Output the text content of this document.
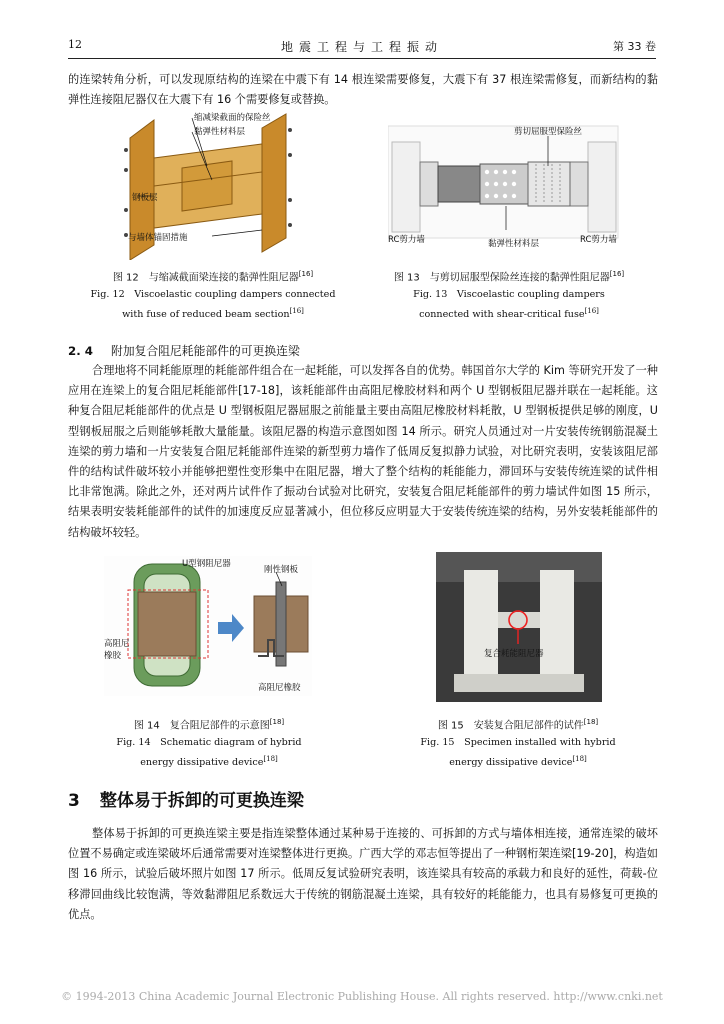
12	地震工程与工程振动	第 33 卷
的连梁转角分析，可以发现原结构的连梁在中震下有 14 根连梁需要修复，大震下有 37 根连梁需修复，而新结构的黏弹性连接阻尼器仅在大震下有 16 个需要修复或替换。
缩减梁截面的保险丝
黏弹性材料层
钢板层
与墙体锚固措施
图 12　与缩减截面梁连接的黏弹性阻尼器[16]
Fig. 12　Viscoelastic coupling dampers connected
with fuse of reduced beam section[16]
剪切屈服型保险丝
RC剪力墙	黏弹性材料层	RC剪力墙
图 13　与剪切屈服型保险丝连接的黏弹性阻尼器[16]
Fig. 13　Viscoelastic coupling dampers
connected with shear-critical fuse[16]
2. 4 附加复合阻尼耗能部件的可更换连梁
合理地将不同耗能原理的耗能部件组合在一起耗能，可以发挥各自的优势。韩国首尔大学的 Kim 等研究开发了一种应用在连梁上的复合阻尼耗能部件[17-18]，该耗能部件由高阻尼橡胶材料和两个 U 型钢板阻尼器并联在一起耗能。这种复合阻尼耗能部件的优点是 U 型钢板阻尼器屈服之前能量主要由高阻尼橡胶材料耗散，U 型钢板提供足够的刚度，U 型钢板屈服之后则能够耗散大量能量。该阻尼器的构造示意图如图 14 所示。研究人员通过对一片安装传统钢筋混凝土连梁的剪力墙和一片安装复合阻尼耗能部件连梁的新型剪力墙作了低周反复拟静力试验，对比研究表明，安装该阻尼部件的结构试件破坏较小并能够把塑性变形集中在阻尼器，增大了整个结构的耗能能力，滞回环与安装传统连梁的试件相比非常饱满。除此之外，还对两片试件作了振动台试验对比研究，安装复合阻尼耗能部件的剪力墙试件如图 15 所示，结果表明安装耗能部件的试件的加速度反应显著减小，但位移反应明显大于安装传统连梁的结构，另外安装耗能部件的结构破坏较轻。
U型钢阻尼器
刚性钢板
高阻尼
橡胶
高阻尼橡胶
图 14　复合阻尼部件的示意图[18]
Fig. 14　Schematic diagram of hybrid
energy dissipative device[18]
复合耗能阻尼器
图 15　安装复合阻尼部件的试件[18]
Fig. 15　Specimen installed with hybrid
energy dissipative device[18]
3 整体易于拆卸的可更换连梁
整体易于拆卸的可更换连梁主要是指连梁整体通过某种易于连接的、可拆卸的方式与墙体相连接，通常连梁的破坏位置不易确定或连梁破坏后通常需要对连梁整体进行更换。广西大学的邓志恒等提出了一种钢桁架连梁[19-20]，构造如图 16 所示，试验后破坏照片如图 17 所示。低周反复试验研究表明，该连梁具有较高的承载力和良好的延性，荷载-位移滞回曲线比较饱满，等效黏滞阻尼系数远大于传统的钢筋混凝土连梁，具有较好的耗能能力，也具有易修复可更换的优点。
© 1994-2013 China Academic Journal Electronic Publishing House. All rights reserved. http://www.cnki.net
